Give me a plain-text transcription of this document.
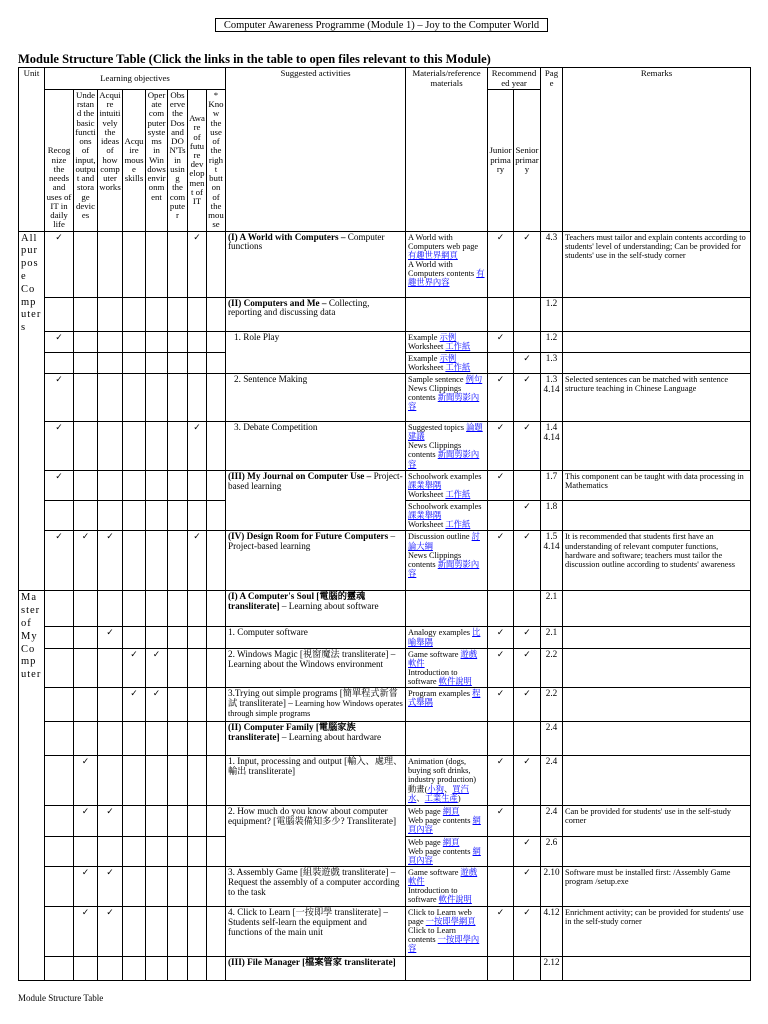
Computer Awareness Programme (Module 1) – Joy to the Computer World
Module Structure Table (Click the links in the table to open files relevant to this Module)
Unit	Learning objectives								Suggested activities	Materials/reference materials	Recommended year		Page	Remarks
	Recognize the needs and uses of IT in daily life	Understand the basic functions of input, output and storage devices	Acquire intuitively the ideas of how computer works	Acquire mouse skills	Operate computer systems in Windows environment	Observe the Dos and DON'Ts in using the computer	Aware of future development of IT	* Know the use of the right button of the mouse			Junior primary	Senior primary		
All purpose Computers	✓						✓		(I) A World with Computers – Computer functions	A World with Computers web page 有趣世界網頁
A World with Computers contents 有趣世界內容	✓	✓	4.3	Teachers must tailor and explain contents according to students' level of understanding; Can be provided for students' use in the self-study corner
									(II) Computers and Me – Collecting, reporting and discussing data				1.2	
	✓								1. Role Play	Example 示例
Worksheet 工作紙	✓		1.2	
										Example 示例
Worksheet 工作紙		✓	1.3	
	✓								2. Sentence Making	Sample sentence 例句
News Clippings contents 新聞剪影內容	✓	✓	1.3 4.14	Selected sentences can be matched with sentence structure teaching in Chinese Language
	✓						✓		3. Debate Competition	Suggested topics 論題建議
News Clippings contents 新聞剪影內容	✓	✓	1.4 4.14	
	✓								(III) My Journal on Computer Use – Project-based learning	Schoolwork examples 課業舉隅
Worksheet 工作紙	✓		1.7	This component can be taught with data processing in Mathematics
										Schoolwork examples 課業舉隅
Worksheet 工作紙		✓	1.8	
	✓	✓	✓				✓		(IV) Design Room for Future Computers – Project-based learning	Discussion outline 討論大綱
News Clippings contents 新聞剪影內容	✓	✓	1.5 4.14	It is recommended that students first have an understanding of relevant computer functions, hardware and software; teachers must tailor the discussion outline according to students' awareness
Master of My Computer									(I) A Computer's Soul [電腦的靈魂 transliterate] – Learning about software				2.1	
			✓						1. Computer software	Analogy examples 比喻舉隅	✓	✓	2.1	
				✓	✓				2. Windows Magic [視窗魔法 transliterate] – Learning about the Windows environment	Game software 遊戲軟件
Introduction to software 軟件說明	✓	✓	2.2	
				✓	✓				3.Trying out simple programs [簡單程式新嘗試 transliterate] – Learning how Windows operates through simple programs	Program examples 程式舉隅	✓	✓	2.2	
									(II) Computer Family [電腦家族 transliterate] – Learning about hardware				2.4	
		✓							1. Input, processing and output [輸入、處理、輸出 transliterate]	Animation (dogs, buying soft drinks, industry production)
動畫(小狗、買汽水、工業生產)	✓	✓	2.4	
		✓	✓						2. How much do you know about computer equipment? [電腦裝備知多少? Transliterate]	Web page 網頁
Web page contents 網頁內容	✓		2.4	Can be provided for students' use in the self-study corner
										Web page 網頁
Web page contents 網頁內容		✓	2.6	
		✓	✓						3. Assembly Game [組裝遊戲 transliterate] – Request the assembly of a computer according to the task	Game software 遊戲軟件
Introduction to software 軟件說明		✓	2.10	Software must be installed first: /Assembly Game program /setup.exe
		✓	✓						4. Click to Learn [一按即學 transliterate] – Students self-learn the equipment and functions of the main unit	Click to Learn web page 一按即學網頁
Click to Learn contents 一按即學內容	✓	✓	4.12	Enrichment activity; can be provided for students' use in the self-study corner
									(III) File Manager [檔案管家 transliterate]				2.12	
Module Structure Table
